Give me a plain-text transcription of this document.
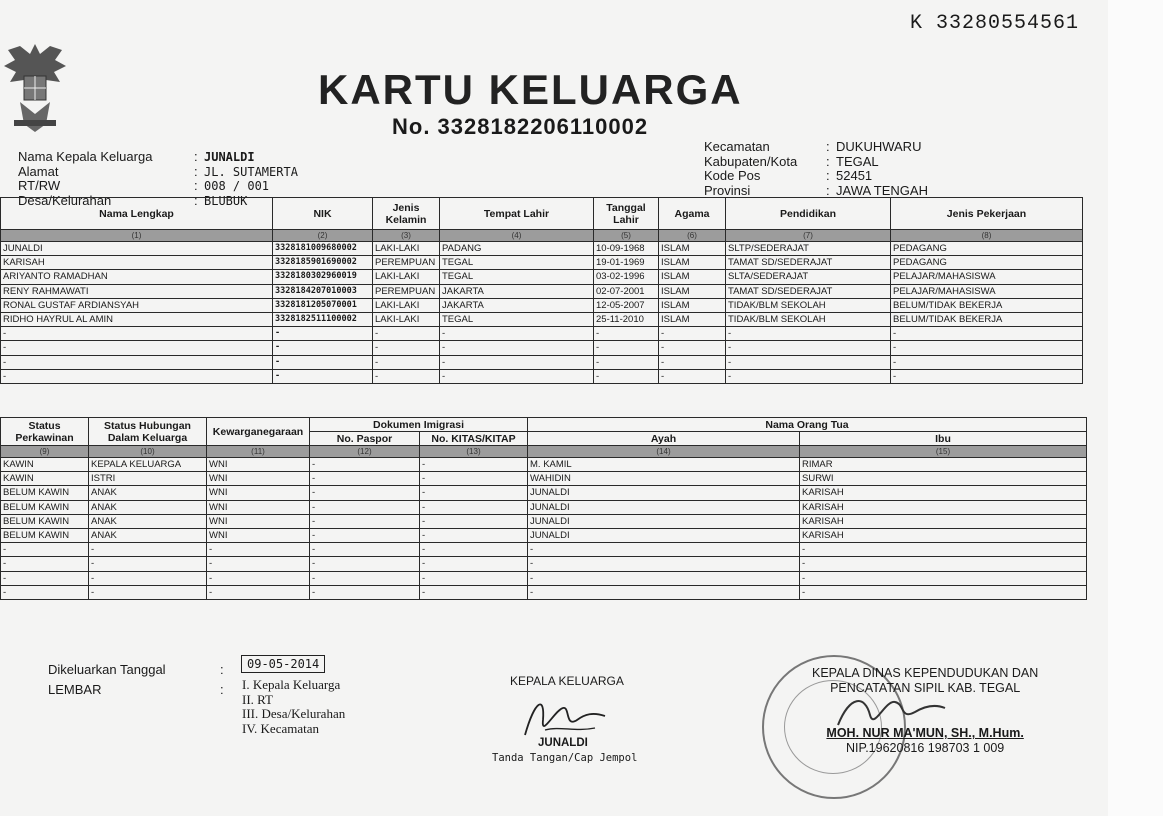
K 33280554561
KARTU KELUARGA
No. 3328182206110002
Nama Kepala Keluarga	: JUNALDI
Alamat	: JL. SUTAMERTA
RT/RW	: 008 / 001
Desa/Kelurahan	: BLUBUK
Kecamatan	: DUKUHWARU
Kabupaten/Kota	: TEGAL
Kode Pos	: 52451
Provinsi	: JAWA TENGAH
Nama Lengkap	NIK	Jenis Kelamin	Tempat Lahir	Tanggal Lahir	Agama	Pendidikan	Jenis Pekerjaan
(1)	(2)	(3)	(4)	(5)	(6)	(7)	(8)
JUNALDI	3328181009680002	LAKI-LAKI	PADANG	10-09-1968	ISLAM	SLTP/SEDERAJAT	PEDAGANG
KARISAH	3328185901690002	PEREMPUAN	TEGAL	19-01-1969	ISLAM	TAMAT SD/SEDERAJAT	PEDAGANG
ARIYANTO RAMADHAN	3328180302960019	LAKI-LAKI	TEGAL	03-02-1996	ISLAM	SLTA/SEDERAJAT	PELAJAR/MAHASISWA
RENY RAHMAWATI	3328184207010003	PEREMPUAN	JAKARTA	02-07-2001	ISLAM	TAMAT SD/SEDERAJAT	PELAJAR/MAHASISWA
RONAL GUSTAF ARDIANSYAH	3328181205070001	LAKI-LAKI	JAKARTA	12-05-2007	ISLAM	TIDAK/BLM SEKOLAH	BELUM/TIDAK BEKERJA
RIDHO HAYRUL AL AMIN	3328182511100002	LAKI-LAKI	TEGAL	25-11-2010	ISLAM	TIDAK/BLM SEKOLAH	BELUM/TIDAK BEKERJA
-	-	-	-	-	-	-	-
-	-	-	-	-	-	-	-
-	-	-	-	-	-	-	-
-	-	-	-	-	-	-	-
Status Perkawinan	Status Hubungan Dalam Keluarga	Kewarganegaraan	Dokumen Imigrasi		Nama Orang Tua	
			No. Paspor	No. KITAS/KITAP	Ayah	Ibu
(9)	(10)	(11)	(12)	(13)	(14)	(15)
KAWIN	KEPALA KELUARGA	WNI	-	-	M. KAMIL	RIMAR
KAWIN	ISTRI	WNI	-	-	WAHIDIN	SURWI
BELUM KAWIN	ANAK	WNI	-	-	JUNALDI	KARISAH
BELUM KAWIN	ANAK	WNI	-	-	JUNALDI	KARISAH
BELUM KAWIN	ANAK	WNI	-	-	JUNALDI	KARISAH
BELUM KAWIN	ANAK	WNI	-	-	JUNALDI	KARISAH
-	-	-	-	-	-	-
-	-	-	-	-	-	-
-	-	-	-	-	-	-
-	-	-	-	-	-	-
Dikeluarkan Tanggal	:	09-05-2014
LEMBAR	: I. Kepala Keluarga
II. RT
III. Desa/Kelurahan
IV. Kecamatan
KEPALA KELUARGA
JUNALDI
Tanda Tangan/Cap Jempol
KEPALA DINAS KEPENDUDUKAN DAN
PENCATATAN SIPIL KAB. TEGAL
MOH. NUR MA'MUN, SH., M.Hum.
NIP.19620816 198703 1 009
